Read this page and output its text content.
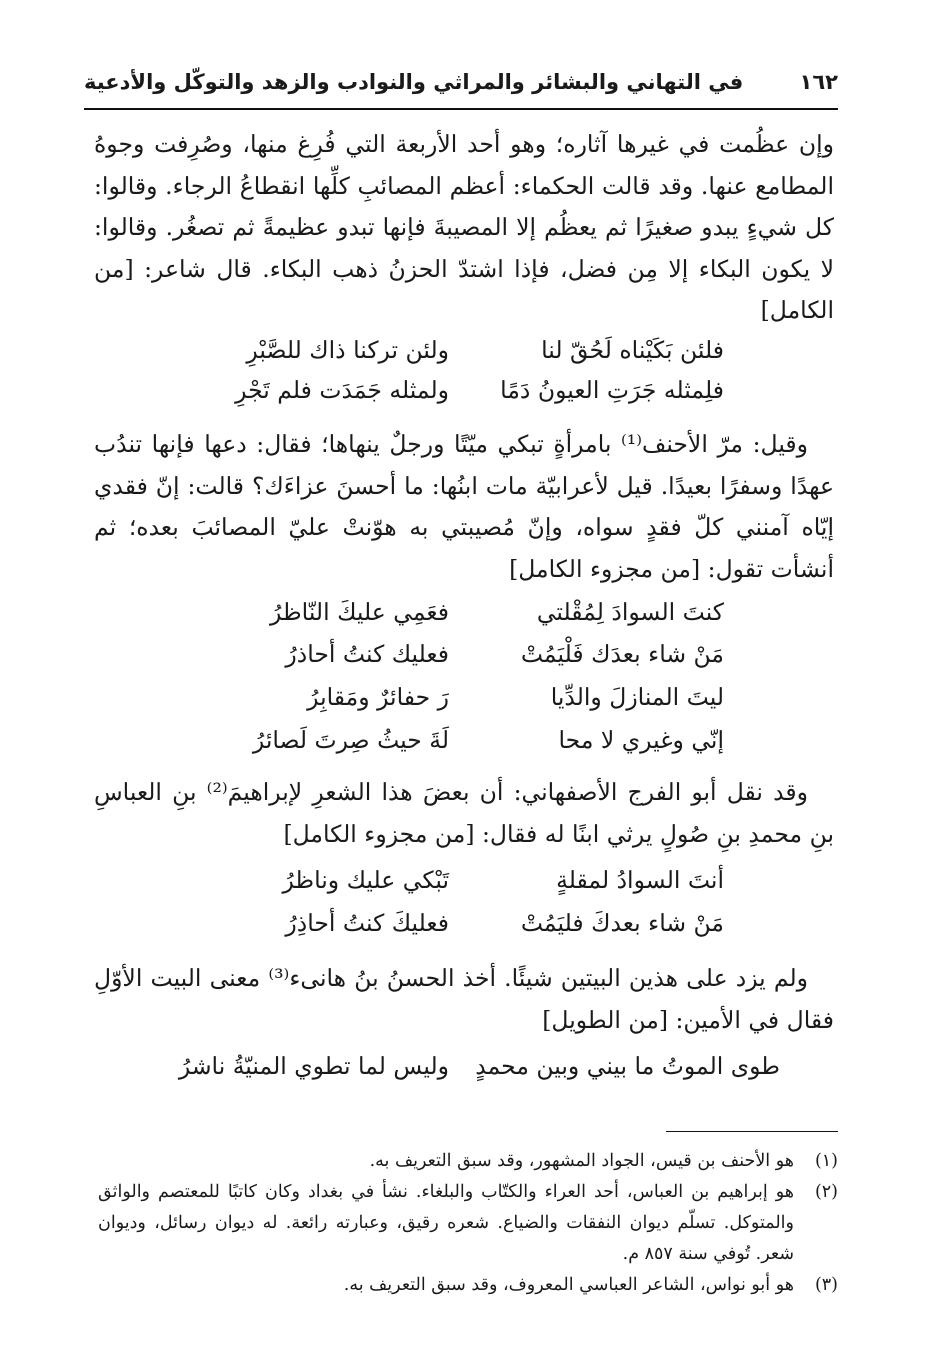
١٦٢
في التهاني والبشائر والمراثي والنوادب والزهد والتوكّل والأدعية

وإن عظُمت في غيرها آثاره؛ وهو أحد الأربعة التي فُرِغ منها، وصُرِفت وجوهُ المطامع عنها. وقد قالت الحكماء: أعظم المصائبِ كلِّها انقطاعُ الرجاء. وقالوا: كل شيءٍ يبدو صغيرًا ثم يعظُم إلا المصيبةَ فإنها تبدو عظيمةً ثم تصغُر. وقالوا: لا يكون البكاء إلا مِن فضل، فإذا اشتدّ الحزنُ ذهب البكاء. قال شاعر: [من الكامل]

فلئن بَكَيْناه لَحُقّ لنا
ولئن تركنا ذاك للصَّبْرِ
فلِمثله جَرَتِ العيونُ دَمًا
ولمثله جَمَدَت فلم تَجْرِ

وقيل: مرّ الأحنف⁽¹⁾ بامرأةٍ تبكي ميّتًا ورجلٌ ينهاها؛ فقال: دعها فإنها تندُب عهدًا وسفرًا بعيدًا. قيل لأعرابيّة مات ابنُها: ما أحسنَ عزاءَك؟ قالت: إنّ فقدي إيّاه آمنني كلّ فقدٍ سواه، وإنّ مُصيبتي به هوّنتْ عليّ المصائبَ بعده؛ ثم أنشأت تقول: [من مجزوء الكامل]

كنتَ السوادَ لِمُقْلتي
فعَمِي عليكَ النّاظرُ
مَنْ شاء بعدَك فَلْيَمُتْ
فعليك كنتُ أحاذرُ
ليتَ المنازلَ والدِّيا
رَ حفائرٌ ومَقابِرُ
إنّي وغيري لا محا
لَةَ حيثُ صِرتَ لَصائرُ

وقد نقل أبو الفرج الأصفهاني: أن بعضَ هذا الشعرِ لإبراهيمَ⁽²⁾ بنِ العباسِ بنِ محمدِ بنِ صُولٍ يرثي ابنًا له فقال: [من مجزوء الكامل]

أنتَ السوادُ لمقلةٍ
تَبْكي عليك وناظرُ
مَنْ شاء بعدكَ فليَمُتْ
فعليكَ كنتُ أحاذِرُ

ولم يزد على هذين البيتين شيئًا. أخذ الحسنُ بنُ هانىء⁽³⁾ معنى البيت الأوّلِ فقال في الأمين: [من الطويل]

طوى الموتُ ما بيني وبين محمدٍ
وليس لما تطوي المنيّةُ ناشرُ
(١)
هو الأحنف بن قيس، الجواد المشهور، وقد سبق التعريف به.
(٢)
هو إبراهيم بن العباس، أحد العراء والكتّاب والبلغاء. نشأ في بغداد وكان كاتبًا للمعتصم والواثق والمتوكل. تسلّم ديوان النفقات والضياع. شعره رقيق، وعبارته رائعة. له ديوان رسائل، وديوان شعر. تُوفي سنة ٨٥٧ م.
(٣)
هو أبو نواس، الشاعر العباسي المعروف، وقد سبق التعريف به.
